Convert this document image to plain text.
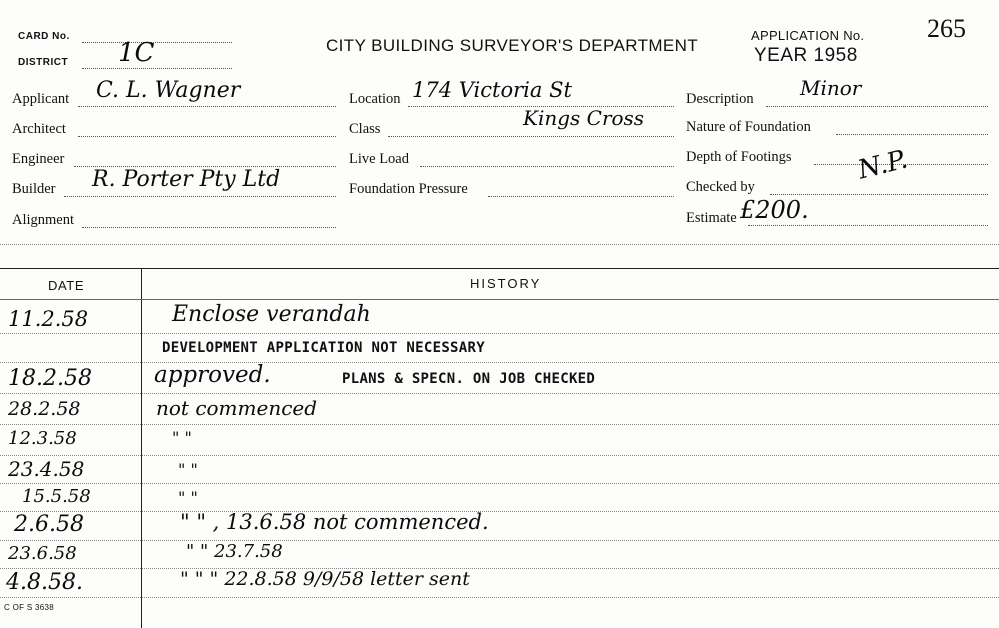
CARD No.
DISTRICT 1C	CITY BUILDING SURVEYOR'S DEPARTMENT
APPLICATION No. 265
YEAR 1958
Applicant C. L. Wagner
Architect
Engineer
Builder R. Porter Pty Ltd
Alignment
Location 174 Victoria St
Class	Kings Cross
Live Load
Foundation Pressure
Description Minor
Nature of Foundation
Depth of Footings N.P.
Checked by
Estimate £200.
DATE	HISTORY
11.2.58	Enclose verandah
DEVELOPMENT APPLICATION NOT NECESSARY
18.2.58	approved.	PLANS & SPECN. ON JOB CHECKED
28.2.58	not commenced
12.3.58	" "
23.4.58	" "
15.5.58	" "
2.6.58	" " , 13.6.58 not commenced.
23.6.58	" " 23.7.58
4.8.58.	" " " 22.8.58 9/9/58 letter sent
C OF S 3638
